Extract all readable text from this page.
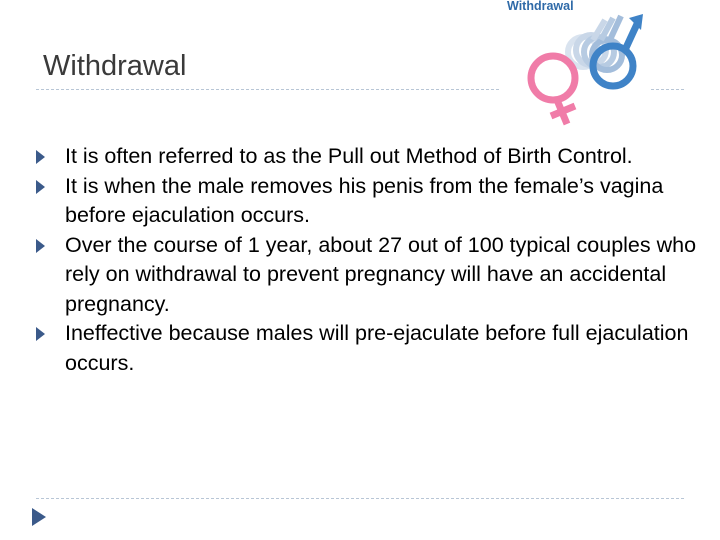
Withdrawal
Withdrawal
It is often referred to as the Pull out Method of Birth Control.
It is when the male removes his penis from the female’s vagina before ejaculation occurs.
Over the course of 1 year, about 27 out of 100 typical couples who rely on withdrawal to prevent pregnancy will have an accidental pregnancy.
Ineffective because males will pre-ejaculate before full ejaculation occurs.
